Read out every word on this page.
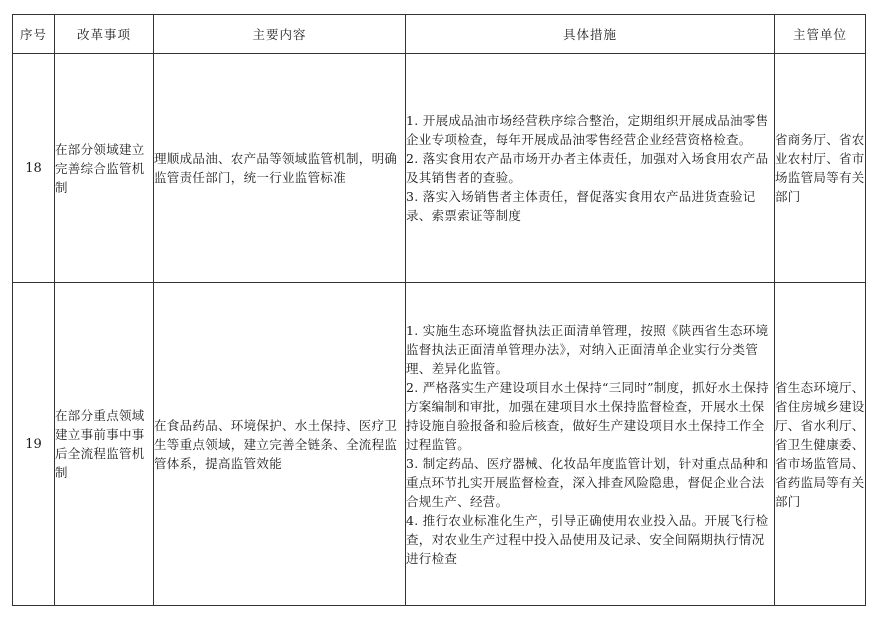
序号	改革事项	主要内容	具体措施	主管单位
18	在部分领域建立完善综合监管机制	理顺成品油、农产品等领域监管机制，明确监管责任部门，统一行业监管标准	1. 开展成品油市场经营秩序综合整治，定期组织开展成品油零售企业专项检查，每年开展成品油零售经营企业经营资格检查。
2. 落实食用农产品市场开办者主体责任，加强对入场食用农产品及其销售者的查验。
3. 落实入场销售者主体责任，督促落实食用农产品进货查验记录、索票索证等制度	省商务厅、省农业农村厅、省市场监管局等有关部门
19	在部分重点领域建立事前事中事后全流程监管机制	在食品药品、环境保护、水土保持、医疗卫生等重点领域，建立完善全链条、全流程监管体系，提高监管效能	1. 实施生态环境监督执法正面清单管理，按照《陕西省生态环境监督执法正面清单管理办法》，对纳入正面清单企业实行分类管理、差异化监管。
2. 严格落实生产建设项目水土保持“三同时”制度，抓好水土保持方案编制和审批，加强在建项目水土保持监督检查，开展水土保持设施自验报备和验后核查，做好生产建设项目水土保持工作全过程监管。
3. 制定药品、医疗器械、化妆品年度监管计划，针对重点品种和重点环节扎实开展监督检查，深入排查风险隐患，督促企业合法合规生产、经营。
4. 推行农业标准化生产，引导正确使用农业投入品。开展飞行检查，对农业生产过程中投入品使用及记录、安全间隔期执行情况进行检查	省生态环境厅、省住房城乡建设厅、省水利厅、省卫生健康委、省市场监管局、省药监局等有关部门
